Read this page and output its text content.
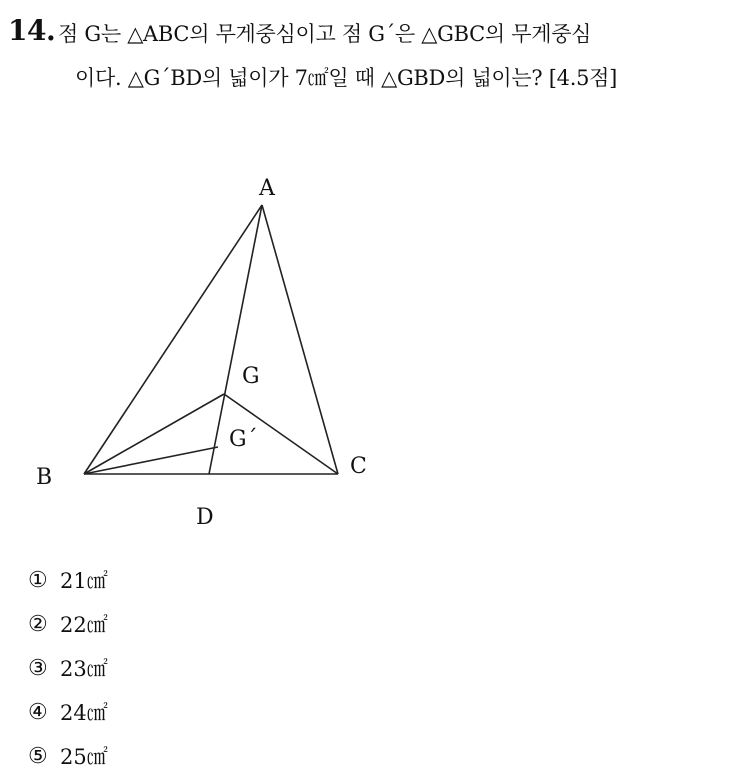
14. 점 G는 △ABC의 무게중심이고 점 G´은 △GBC의 무게중심
이다. △G´BD의 넓이가 7㎠일 때 △GBD의 넓이는? [4.5점]
A
B	C
D
G
G´
① 21㎠
② 22㎠
③ 23㎠
④ 24㎠
⑤ 25㎠
